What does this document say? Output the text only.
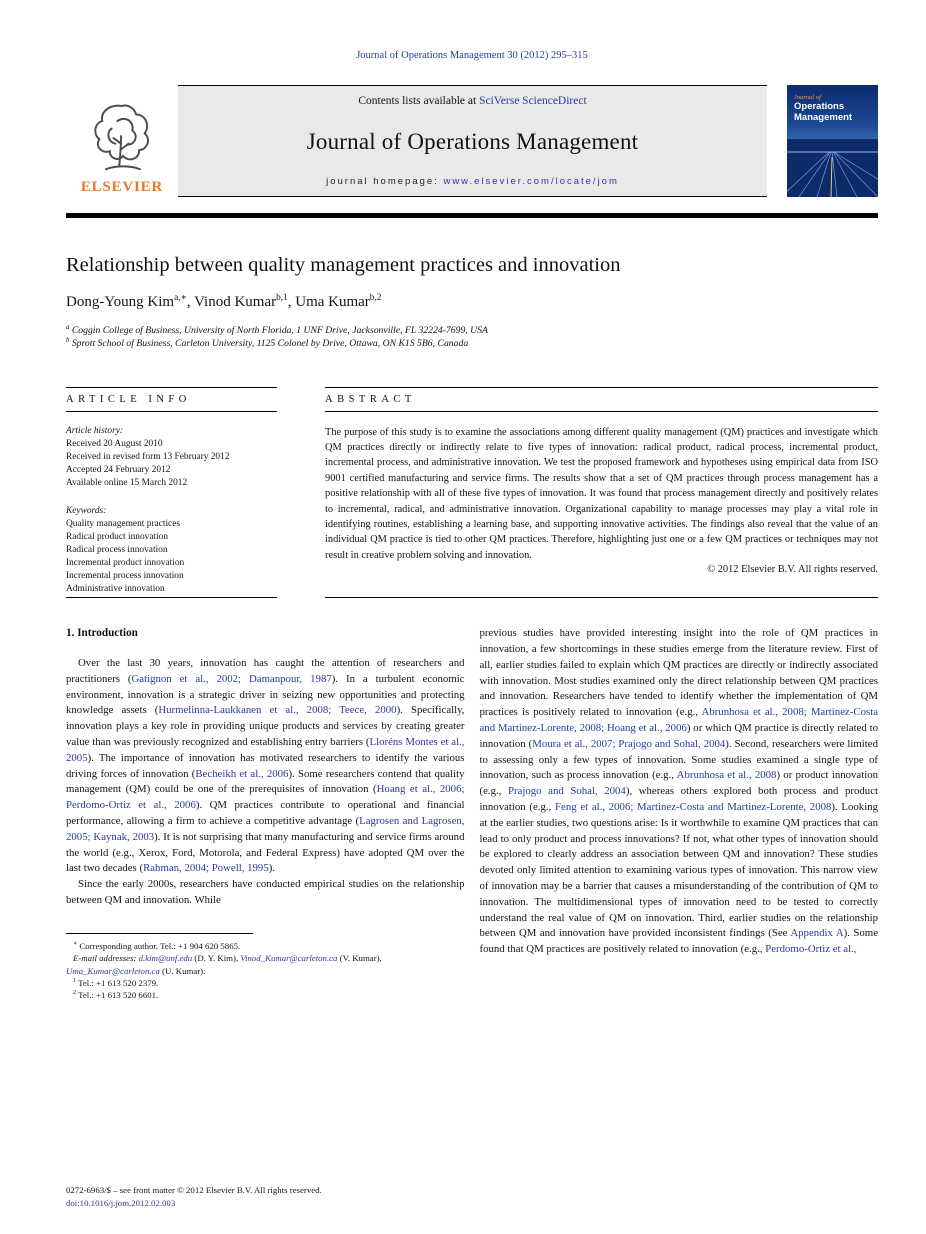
Journal of Operations Management 30 (2012) 295–315
ELSEVIER
Contents lists available at SciVerse ScienceDirect
Journal of Operations Management
journal homepage: www.elsevier.com/locate/jom
Journal of
Operations Management
Relationship between quality management practices and innovation
Dong-Young Kim$^{a,∗}$, Vinod Kumar$^{b,1}$, Uma Kumar$^{b,2}$
$^a$ Coggin College of Business, University of North Florida, 1 UNF Drive, Jacksonville, FL 32224-7699, USA
$^b$ Sprott School of Business, Carleton University, 1125 Colonel by Drive, Ottawa, ON K1S 5B6, Canada
ARTICLE INFO
Article history:
Received 20 August 2010
Received in revised form 13 February 2012
Accepted 24 February 2012
Available online 15 March 2012
Keywords:
Quality management practices
Radical product innovation
Radical process innovation
Incremental product innovation
Incremental process innovation
Administrative innovation
ABSTRACT
The purpose of this study is to examine the associations among different quality management (QM) practices and investigate which QM practices directly or indirectly relate to five types of innovation: radical product, radical process, incremental product, incremental process, and administrative innovation. We test the proposed framework and hypotheses using empirical data from ISO 9001 certified manufacturing and service firms. The results show that a set of QM practices through process management has a positive relationship with all of these five types of innovation. It was found that process management directly and positively relates to incremental, radical, and administrative innovation. Organizational capability to manage processes may play a vital role in identifying routines, establishing a learning base, and supporting innovative activities. The findings also reveal that the value of an individual QM practice is tied to other QM practices. Therefore, highlighting just one or a few QM practices or techniques may not result in creative problem solving and innovation.
© 2012 Elsevier B.V. All rights reserved.
1. Introduction

Over the last 30 years, innovation has caught the attention of researchers and practitioners (Gatignon et al., 2002; Damanpour, 1987). In a turbulent economic environment, innovation is a strategic driver in seizing new opportunities and protecting knowledge assets (Hurmelinna-Laukkanen et al., 2008; Teece, 2000). Specifically, innovation plays a key role in providing unique products and services by creating greater value than was previously recognized and establishing entry barriers (Lloréns Montes et al., 2005). The importance of innovation has motivated researchers to identify the various driving forces of innovation (Becheikh et al., 2006). Some researchers contend that quality management (QM) could be one of the prerequisites of innovation (Hoang et al., 2006; Perdomo-Ortiz et al., 2006). QM practices contribute to operational and financial performance, allowing a firm to achieve a competitive advantage (Lagrosen and Lagrosen, 2005; Kaynak, 2003). It is not surprising that many manufacturing and service firms around the world (e.g., Xerox, Ford, Motorola, and Federal Express) have adopted QM over the last two decades (Rahman, 2004; Powell, 1995).

Since the early 2000s, researchers have conducted empirical studies on the relationship between QM and innovation. While

∗ Corresponding author. Tel.: +1 904 620 5865.

E-mail addresses: d.kim@unf.edu (D. Y. Kim), Vinod_Kumar@carleton.ca (V. Kumar), Uma_Kumar@carleton.ca (U. Kumar).

$^1$ Tel.: +1 613 520 2379.

$^2$ Tel.: +1 613 520 6601.

previous studies have provided interesting insight into the role of QM practices in innovation, a few shortcomings in these studies emerge from the literature review. First of all, earlier studies failed to explain which QM practices are directly or indirectly associated with innovation. Most studies examined only the direct relationship between QM practices and innovation. Researchers have tended to identify whether the implementation of QM practices is positively related to innovation (e.g., Abrunhosa et al., 2008; Martinez-Costa and Martinez-Lorente, 2008; Hoang et al., 2006) or which QM practice is directly related to innovation (Moura et al., 2007; Prajogo and Sohal, 2004). Second, researchers were limited to assessing only a few types of innovation. Some studies examined a single type of innovation, such as process innovation (e.g., Abrunhosa et al., 2008) or product innovation (e.g., Prajogo and Sohal, 2004), whereas others explored both process and product innovation (e.g., Feng et al., 2006; Martinez-Costa and Martinez-Lorente, 2008). Looking at the earlier studies, two questions arise: Is it worthwhile to examine QM practices that can lead to only product and process innovations? If not, what other types of innovation should be explored to clearly address an association between QM and innovation? These studies devoted only limited attention to examining various types of innovation. This narrow view of innovation may be a barrier that causes a misunderstanding of the contribution of QM to innovation. The multidimensional types of innovation need to be tested to correctly understand the real value of QM on innovation. Third, earlier studies on the relationship between QM and innovation have provided inconsistent findings (See Appendix A). Some found that QM practices are positively related to innovation (e.g., Perdomo-Ortiz et al.,

0272-6963/$ – see front matter © 2012 Elsevier B.V. All rights reserved.
doi:10.1016/j.jom.2012.02.003
